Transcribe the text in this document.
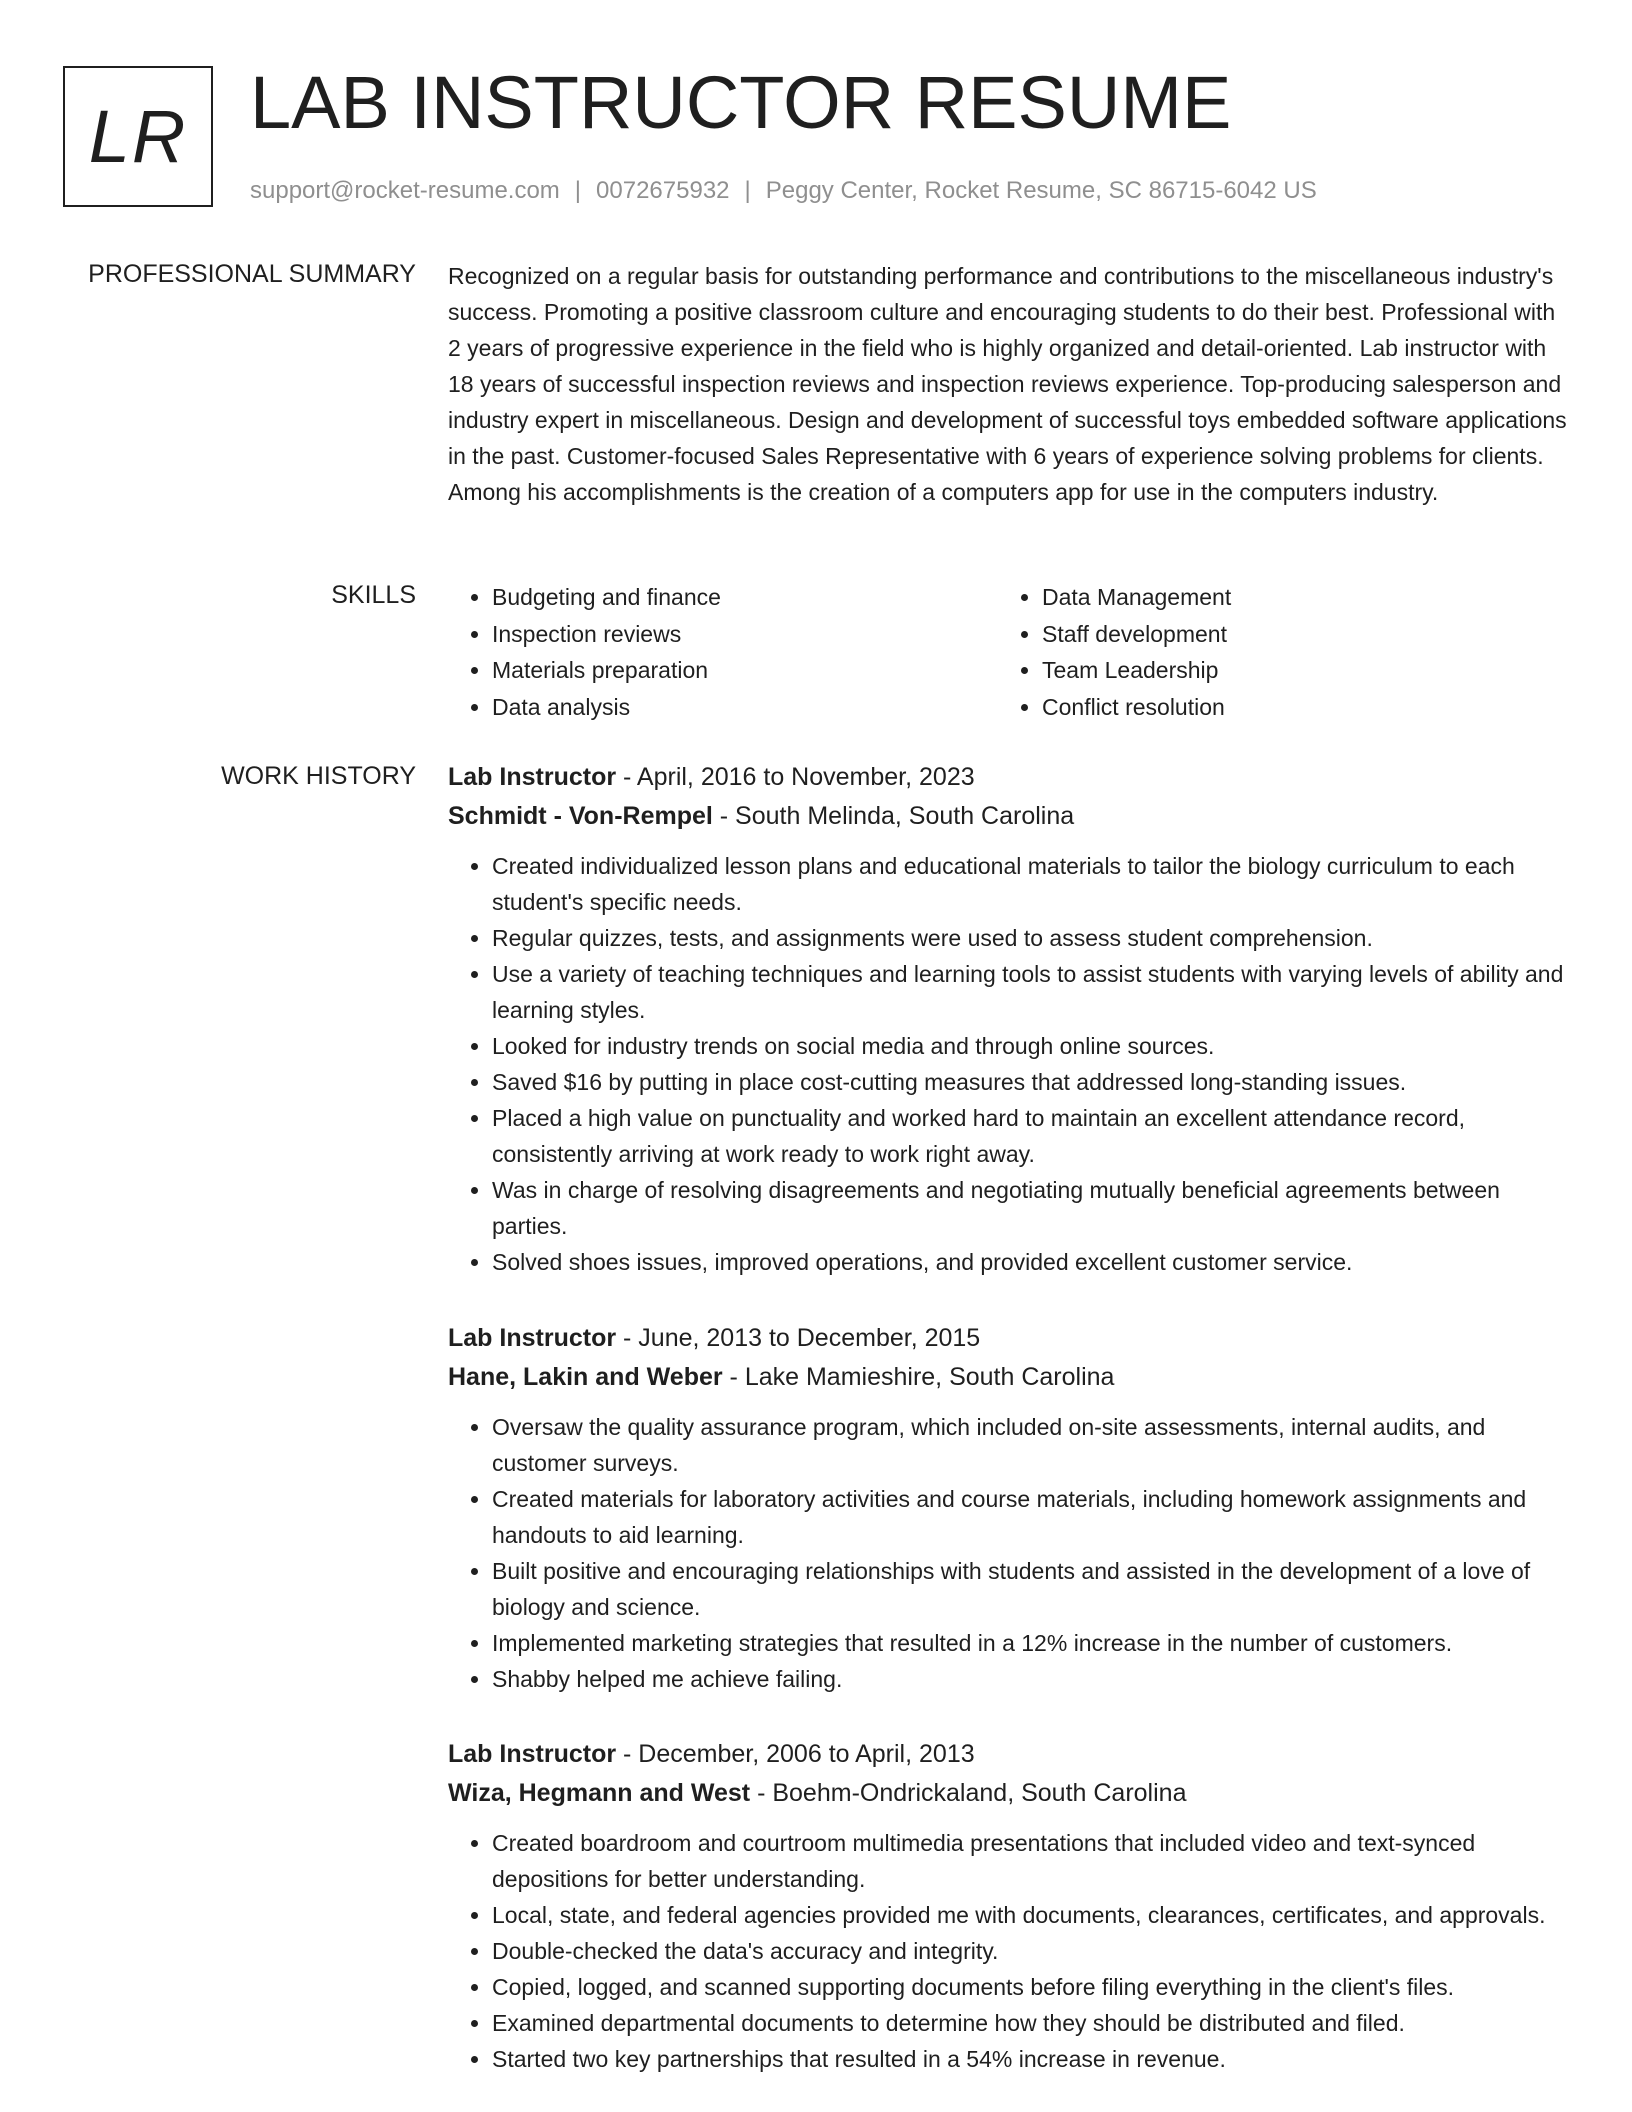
LR LAB INSTRUCTOR RESUME
support@rocket-resume.com | 0072675932 | Peggy Center, Rocket Resume, SC 86715-6042 US
PROFESSIONAL SUMMARY Recognized on a regular basis for outstanding performance and contributions to the miscellaneous industry's success. Promoting a positive classroom culture and encouraging students to do their best. Professional with 2 years of progressive experience in the field who is highly organized and detail-oriented. Lab instructor with 18 years of successful inspection reviews and inspection reviews experience. Top-producing salesperson and industry expert in miscellaneous. Design and development of successful toys embedded software applications in the past. Customer-focused Sales Representative with 6 years of experience solving problems for clients. Among his accomplishments is the creation of a computers app for use in the computers industry.

SKILLS
•	Budgeting and finance
• Inspection reviews
• Materials preparation
• Data analysis
• Data Management
• Staff development
• Team Leadership
• Conflict resolution
WORK HISTORY Lab Instructor - April, 2016 to November, 2023
Schmidt - Von-Rempel - South Melinda, South Carolina
• Created individualized lesson plans and educational materials to tailor the biology curriculum to each student's specific needs.
• Regular quizzes, tests, and assignments were used to assess student comprehension.
• Use a variety of teaching techniques and learning tools to assist students with varying levels of ability and learning styles.
• Looked for industry trends on social media and through online sources.
• Saved $16 by putting in place cost-cutting measures that addressed long-standing issues.
• Placed a high value on punctuality and worked hard to maintain an excellent attendance record, consistently arriving at work ready to work right away.
• Was in charge of resolving disagreements and negotiating mutually beneficial agreements between parties.
• Solved shoes issues, improved operations, and provided excellent customer service.
Lab Instructor - June, 2013 to December, 2015
Hane, Lakin and Weber - Lake Mamieshire, South Carolina
• Oversaw the quality assurance program, which included on-site assessments, internal audits, and customer surveys.
• Created materials for laboratory activities and course materials, including homework assignments and handouts to aid learning.
• Built positive and encouraging relationships with students and assisted in the development of a love of biology and science.
• Implemented marketing strategies that resulted in a 12% increase in the number of customers.
• Shabby helped me achieve failing.
Lab Instructor - December, 2006 to April, 2013
Wiza, Hegmann and West - Boehm-Ondrickaland, South Carolina
• Created boardroom and courtroom multimedia presentations that included video and text-synced depositions for better understanding.
• Local, state, and federal agencies provided me with documents, clearances, certificates, and approvals.
• Double-checked the data's accuracy and integrity.
• Copied, logged, and scanned supporting documents before filing everything in the client's files.
• Examined departmental documents to determine how they should be distributed and filed.
• Started two key partnerships that resulted in a 54% increase in revenue.
